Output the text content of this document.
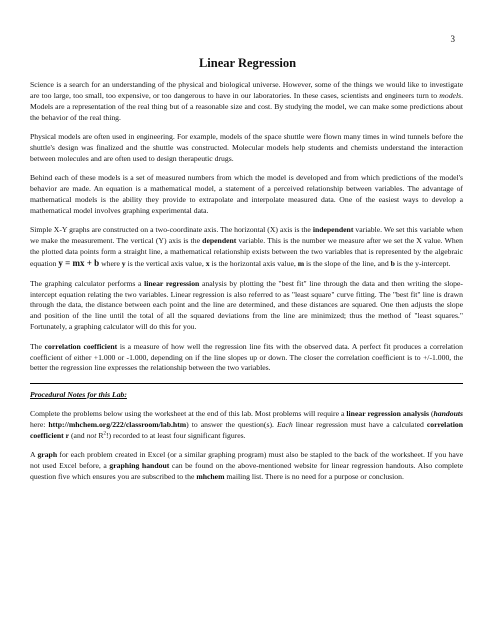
3
Linear Regression

Science is a search for an understanding of the physical and biological universe. However, some of the things we would like to investigate are too large, too small, too expensive, or too dangerous to have in our laboratories. In these cases, scientists and engineers turn to models. Models are a representation of the real thing but of a reasonable size and cost. By studying the model, we can make some predictions about the behavior of the real thing.

Physical models are often used in engineering. For example, models of the space shuttle were flown many times in wind tunnels before the shuttle's design was finalized and the shuttle was constructed. Molecular models help students and chemists understand the interaction between molecules and are often used to design therapeutic drugs.

Behind each of these models is a set of measured numbers from which the model is developed and from which predictions of the model's behavior are made. An equation is a mathematical model, a statement of a perceived relationship between variables. The advantage of mathematical models is the ability they provide to extrapolate and interpolate measured data. One of the easiest ways to develop a mathematical model involves graphing experimental data.

Simple X-Y graphs are constructed on a two-coordinate axis. The horizontal (X) axis is the independent variable. We set this variable when we make the measurement. The vertical (Y) axis is the dependent variable. This is the number we measure after we set the X value. When the plotted data points form a straight line, a mathematical relationship exists between the two variables that is represented by the algebraic equation y = mx + b where y is the vertical axis value, x is the horizontal axis value, m is the slope of the line, and b is the y-intercept.

The graphing calculator performs a linear regression analysis by plotting the "best fit" line through the data and then writing the slope-intercept equation relating the two variables. Linear regression is also referred to as "least square" curve fitting. The "best fit" line is drawn through the data, the distance between each point and the line are determined, and these distances are squared. One then adjusts the slope and position of the line until the total of all the squared deviations from the line are minimized; thus the method of "least squares." Fortunately, a graphing calculator will do this for you.

The correlation coefficient is a measure of how well the regression line fits with the observed data. A perfect fit produces a correlation coefficient of either +1.000 or -1.000, depending on if the line slopes up or down. The closer the correlation coefficient is to +/-1.000, the better the regression line expresses the relationship between the two variables.

Procedural Notes for this Lab:

Complete the problems below using the worksheet at the end of this lab. Most problems will require a linear regression analysis (handouts here: http://mhchem.org/222/classroom/lab.htm) to answer the question(s). Each linear regression must have a calculated correlation coefficient r (and not $R^2$!) recorded to at least four significant figures.

A graph for each problem created in Excel (or a similar graphing program) must also be stapled to the back of the worksheet. If you have not used Excel before, a graphing handout can be found on the above-mentioned website for linear regression handouts. Also complete question five which ensures you are subscribed to the mhchem mailing list. There is no need for a purpose or conclusion.
